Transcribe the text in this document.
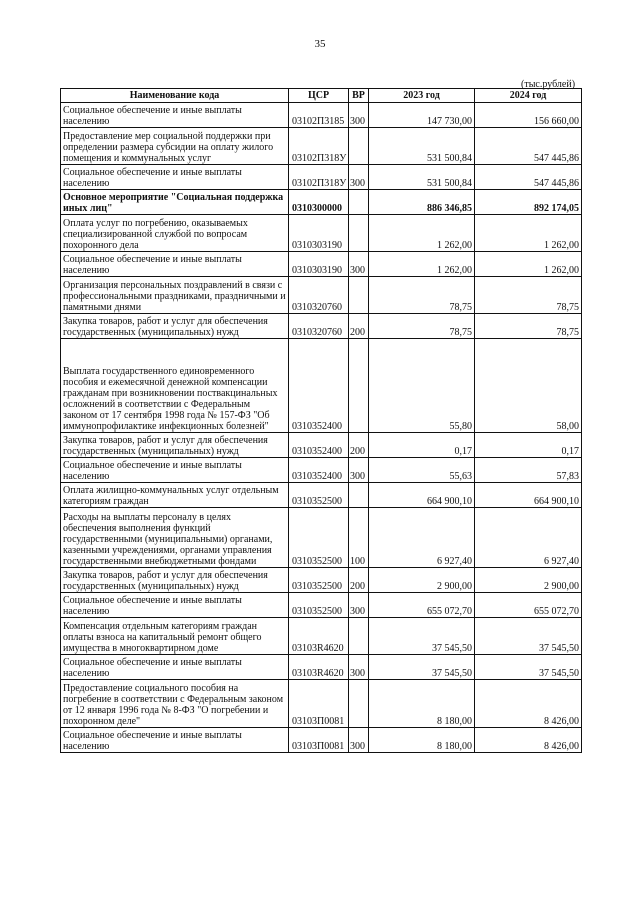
35
(тыс.рублей)
Наименование кода	ЦСР	ВР	2023 год	2024 год
Социальное обеспечение и иные выплаты населению	03102П3185	300	147 730,00	156 660,00
Предоставление мер социальной поддержки при определении размера субсидии на оплату жилого помещения и коммунальных услуг	03102П318У		531 500,84	547 445,86
Социальное обеспечение и иные выплаты населению	03102П318У	300	531 500,84	547 445,86
Основное мероприятие "Социальная поддержка иных лиц"	0310300000		886 346,85	892 174,05
Оплата услуг по погребению, оказываемых специализированной службой по вопросам похоронного дела	0310303190		1 262,00	1 262,00
Социальное обеспечение и иные выплаты населению	0310303190	300	1 262,00	1 262,00
Организация персональных поздравлений в связи с профессиональными праздниками, праздничными и памятными днями	0310320760		78,75	78,75
Закупка товаров, работ и услуг для обеспечения государственных (муниципальных) нужд	0310320760	200	78,75	78,75
Выплата государственного единовременного пособия и ежемесячной денежной компенсации гражданам при возникновении поствакцинальных осложнений в соответствии с Федеральным законом от 17 сентября 1998 года № 157-ФЗ "Об иммунопрофилактике инфекционных болезней"	0310352400		55,80	58,00
Закупка товаров, работ и услуг для обеспечения государственных (муниципальных) нужд	0310352400	200	0,17	0,17
Социальное обеспечение и иные выплаты населению	0310352400	300	55,63	57,83
Оплата жилищно-коммунальных услуг отдельным категориям граждан	0310352500		664 900,10	664 900,10
Расходы на выплаты персоналу в целях обеспечения выполнения функций государственными (муниципальными) органами, казенными учреждениями, органами управления государственными внебюджетными фондами	0310352500	100	6 927,40	6 927,40
Закупка товаров, работ и услуг для обеспечения государственных (муниципальных) нужд	0310352500	200	2 900,00	2 900,00
Социальное обеспечение и иные выплаты населению	0310352500	300	655 072,70	655 072,70
Компенсация отдельным категориям граждан оплаты взноса на капитальный ремонт общего имущества в многоквартирном доме	03103R4620		37 545,50	37 545,50
Социальное обеспечение и иные выплаты населению	03103R4620	300	37 545,50	37 545,50
Предоставление социального пособия на погребение в соответствии с Федеральным законом от 12 января 1996 года № 8-ФЗ "О погребении и похоронном деле"	03103П0081		8 180,00	8 426,00
Социальное обеспечение и иные выплаты населению	03103П0081	300	8 180,00	8 426,00
